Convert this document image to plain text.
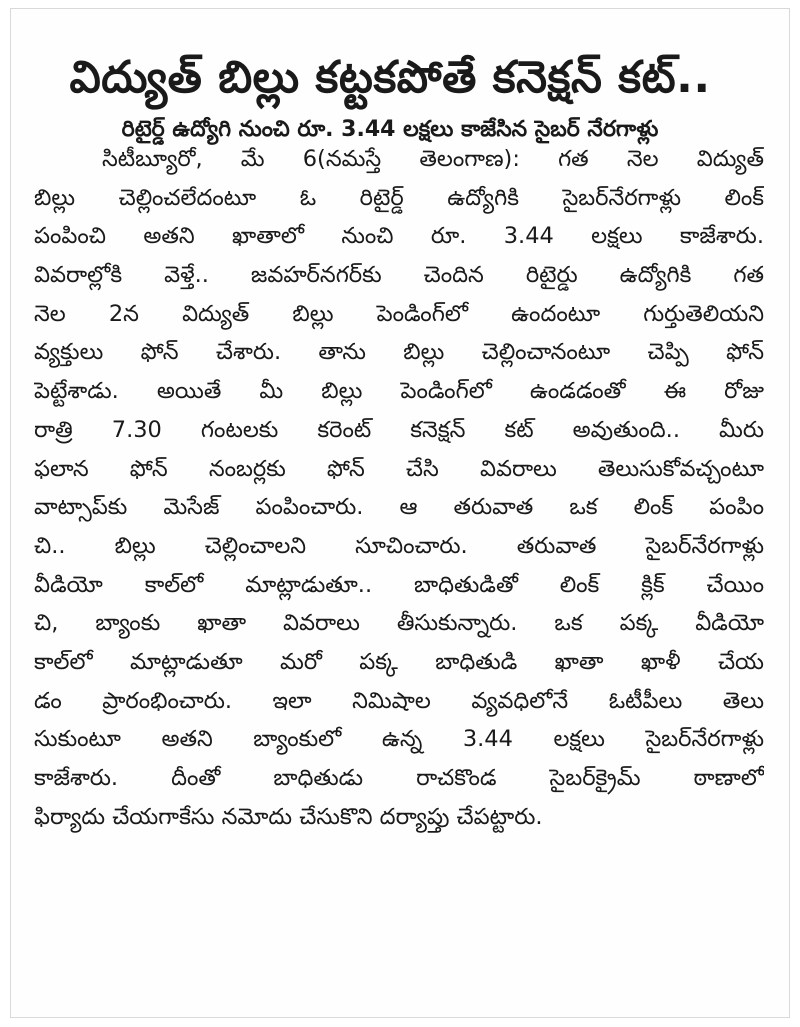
విద్యుత్ బిల్లు కట్టకపోతే కనెక్షన్ కట్..
రిటైర్డ్ ఉద్యోగి నుంచి రూ. 3.44 లక్షలు కాజేసిన సైబర్ నేరగాళ్లు
సిటీబ్యూరో, మే 6(నమస్తే తెలంగాణ): గత నెల విద్యుత్
బిల్లు చెల్లించలేదంటూ ఓ రిటైర్డ్ ఉద్యోగికి సైబర్‌నేరగాళ్లు లింక్
పంపించి అతని ఖాతాలో నుంచి రూ. 3.44 లక్షలు కాజేశారు.
వివరాల్లోకి వెళ్తే.. జవహర్‌నగర్‌కు చెందిన రిటైర్డు ఉద్యోగికి గత
నెల 2న విద్యుత్ బిల్లు పెండింగ్‌లో ఉందంటూ గుర్తుతెలియని
వ్యక్తులు ఫోన్ చేశారు. తాను బిల్లు చెల్లించానంటూ చెప్పి ఫోన్
పెట్టేశాడు. అయితే మీ బిల్లు పెండింగ్‌లో ఉండడంతో ఈ రోజు
రాత్రి 7.30 గంటలకు కరెంట్ కనెక్షన్ కట్ అవుతుంది.. మీరు
ఫలాన ఫోన్ నంబర్లకు ఫోన్ చేసి వివరాలు తెలుసుకోవచ్చంటూ
వాట్సాప్‌కు మెసేజ్ పంపించారు. ఆ తరువాత ఒక లింక్ పంపిం
చి.. బిల్లు చెల్లించాలని సూచించారు. తరువాత సైబర్‌నేరగాళ్లు
వీడియో కాల్‌లో మాట్లాడుతూ.. బాధితుడితో లింక్ క్లిక్ చేయిం
చి, బ్యాంకు ఖాతా వివరాలు తీసుకున్నారు. ఒక పక్క వీడియో
కాల్‌లో మాట్లాడుతూ మరో పక్క బాధితుడి ఖాతా ఖాళీ చేయ
డం ప్రారంభించారు. ఇలా నిమిషాల వ్యవధిలోనే ఓటీపీలు తెలు
సుకుంటూ అతని బ్యాంకులో ఉన్న 3.44 లక్షలు సైబర్‌నేరగాళ్లు
కాజేశారు. దీంతో బాధితుడు రాచకొండ సైబర్‌క్రైమ్ ఠాణాలో
ఫిర్యాదు చేయగాకేసు నమోదు చేసుకొని దర్యాప్తు చేపట్టారు.
